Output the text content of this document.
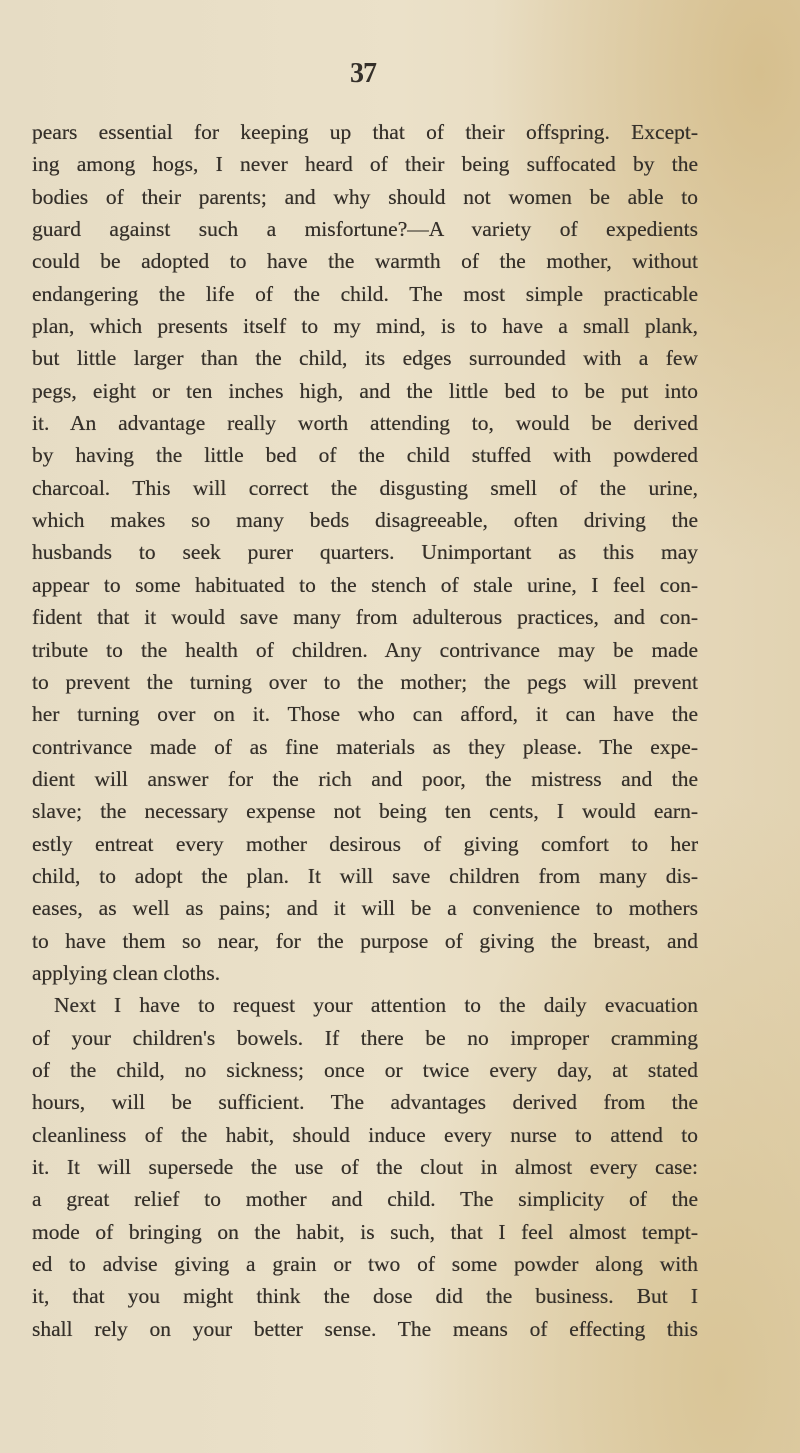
37
pears essential for keeping up that of their offspring. Except-
ing among hogs, I never heard of their being suffocated by the
bodies of their parents; and why should not women be able to
guard against such a misfortune?—A variety of expedients
could be adopted to have the warmth of the mother, without
endangering the life of the child. The most simple practicable
plan, which presents itself to my mind, is to have a small plank,
but little larger than the child, its edges surrounded with a few
pegs, eight or ten inches high, and the little bed to be put into
it. An advantage really worth attending to, would be derived
by having the little bed of the child stuffed with powdered
charcoal. This will correct the disgusting smell of the urine,
which makes so many beds disagreeable, often driving the
husbands to seek purer quarters. Unimportant as this may
appear to some habituated to the stench of stale urine, I feel con-
fident that it would save many from adulterous practices, and con-
tribute to the health of children. Any contrivance may be made
to prevent the turning over to the mother; the pegs will prevent
her turning over on it. Those who can afford, it can have the
contrivance made of as fine materials as they please. The expe-
dient will answer for the rich and poor, the mistress and the
slave; the necessary expense not being ten cents, I would earn-
estly entreat every mother desirous of giving comfort to her
child, to adopt the plan. It will save children from many dis-
eases, as well as pains; and it will be a convenience to mothers
to have them so near, for the purpose of giving the breast, and
applying clean cloths.
Next I have to request your attention to the daily evacuation
of your children's bowels. If there be no improper cramming
of the child, no sickness; once or twice every day, at stated
hours, will be sufficient. The advantages derived from the
cleanliness of the habit, should induce every nurse to attend to
it. It will supersede the use of the clout in almost every case:
a great relief to mother and child. The simplicity of the
mode of bringing on the habit, is such, that I feel almost tempt-
ed to advise giving a grain or two of some powder along with
it, that you might think the dose did the business. But I
shall rely on your better sense. The means of effecting this
